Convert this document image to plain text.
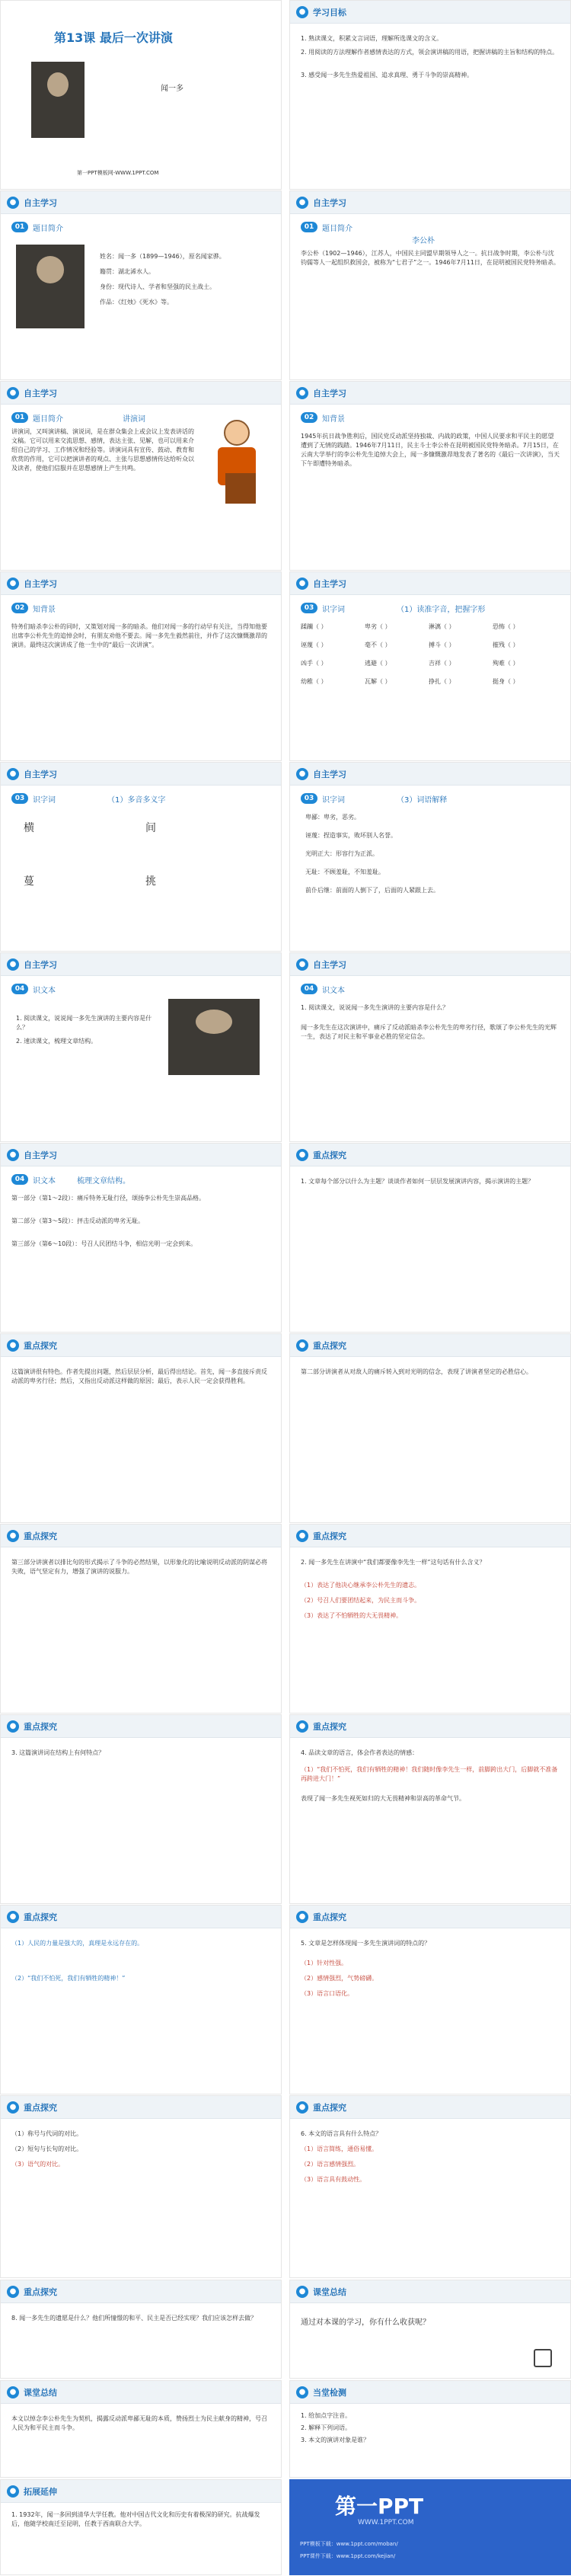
第13课 最后一次讲演
闻一多
第一PPT模板网-WWW.1PPT.COM
● 学习目标
1. 熟读课文，积累文言词语，理解所选课文的含义。
2. 用阅读的方法理解作者感情表达的方式，领会演讲稿的用语，把握讲稿的主旨和结构的特点。
3. 感受闻一多先生热爱祖国、追求真理、勇于斗争的崇高精神。
● 自主学习
01	题目简介
姓名：闻一多（1899—1946），原名闻家骅。
籍贯：湖北浠水人。
身份：现代诗人、学者和坚强的民主战士。
作品：《红烛》《死水》等。
● 自主学习
01	题目简介
李公朴
李公朴（1902—1946），江苏人，中国民主同盟早期领导人之一。抗日战争时期，李公朴与沈钧儒等人一起组织救国会，被称为“七君子”之一。1946年7月11日，在昆明被国民党特务暗杀。
● 自主学习
01	题目简介	讲演词
讲演词，又叫演讲稿、演说词，是在群众集会上或会议上发表讲话的文稿。它可以用来交流思想、感情，表达主张、见解，也可以用来介绍自己的学习、工作情况和经验等。讲演词具有宣传、鼓动、教育和欣赏的作用，它可以把演讲者的观点、主张与思想感情传达给听众以及读者，使他们信服并在思想感情上产生共鸣。
● 自主学习
02	知背景
1945年抗日战争胜利后，国民党反动派坚持独裁、内战的政策，中国人民要求和平民主的愿望遭到了无情的践踏。1946年7月11日，民主斗士李公朴在昆明被国民党特务暗杀。7月15日，在云南大学举行的李公朴先生追悼大会上，闻一多慷慨激昂地发表了著名的《最后一次讲演》，当天下午即遭特务暗杀。
● 自主学习
02	知背景
特务们暗杀李公朴的同时，又策划对闻一多的暗杀。他们对闻一多的行动早有关注，当得知他要出席李公朴先生的追悼会时，有朋友劝他不要去。闻一多先生毅然前往，并作了这次慷慨激昂的演讲。最终这次演讲成了他一生中的“最后一次讲演”。
● 自主学习
03	识字词	（1）读准字音，把握字形
蹂躏（ ）	卑劣（ ）	淋漓（ ）	恐怖（ ）
诬蔑（ ）	毫不（ ）	搏斗（ ）	摧残（ ）
凶手（ ）	逃避（ ）	吉祥（ ）	殉难（ ）
幼稚（ ）	瓦解（ ）	挣扎（ ）	挺身（ ）
● 自主学习
03	识字词	（1）多音多义字
横	间
蔓	挑
● 自主学习
03	识字词	（3）词语解释
卑鄙：卑劣，恶劣。
诬蔑：捏造事实，败坏别人名誉。
光明正大：形容行为正派。
无耻：不顾羞耻，不知羞耻。
前仆后继：前面的人倒下了，后面的人紧跟上去。
● 自主学习
04	识文本
1. 阅读课文，说说闻一多先生演讲的主要内容是什么？
2. 速读课文，梳理文章结构。
● 自主学习
04	识文本
1. 阅读课文，说说闻一多先生演讲的主要内容是什么？
闻一多先生在这次演讲中，痛斥了反动派暗杀李公朴先生的卑劣行径，歌颂了李公朴先生的光辉一生，表达了对民主和平事业必胜的坚定信念。
● 自主学习
04	识文本	梳理文章结构。
第一部分（第1～2段）：痛斥特务无耻行径，颂扬李公朴先生崇高品格。
第二部分（第3～5段）：抨击反动派的卑劣无耻。
第三部分（第6～10段）：号召人民团结斗争，相信光明一定会到来。
● 重点探究
1. 文章每个部分以什么为主题？谈谈作者如何一层层发展演讲内容，揭示演讲的主题？
● 重点探究
这篇演讲很有特色。作者先提出问题，然后层层分析，最后得出结论。首先，闻一多直接斥责反动派的卑劣行径；然后，又指出反动派这样做的原因；最后，表示人民一定会获得胜利。
● 重点探究
第二部分讲演者从对敌人的痛斥转入到对光明的信念，表现了讲演者坚定的必胜信心。
● 重点探究
第三部分讲演者以排比句的形式揭示了斗争的必然结果，以形象化的比喻说明反动派的阴谋必将失败，语气坚定有力，增强了演讲的说服力。
● 重点探究
2. 闻一多先生在讲演中“我们都要像李先生一样”这句话有什么含义？
（1）表达了他决心继承李公朴先生的遗志。
（2）号召人们要团结起来，为民主而斗争。
（3）表达了不怕牺牲的大无畏精神。
● 重点探究
3. 这篇演讲词在结构上有何特点？
● 重点探究
4. 品读文章的语言，体会作者表达的情感：
（1）“我们不怕死，我们有牺牲的精神！我们随时像李先生一样，前脚跨出大门，后脚就不准备再跨进大门！”
表现了闻一多先生视死如归的大无畏精神和崇高的革命气节。
● 重点探究
（1）人民的力量是强大的，真理是永远存在的。
（2）“我们不怕死，我们有牺牲的精神！”
● 重点探究
5. 文章是怎样体现闻一多先生演讲词的特点的？
（1）针对性强。
（2）感情强烈，气势磅礴。
（3）语言口语化。
● 重点探究
（1）称号与代词的对比。
（2）短句与长句的对比。
（3）语气的对比。
● 重点探究
6. 本文的语言具有什么特点？
（1）语言简练，通俗易懂。
（2）语言感情强烈。
（3）语言具有鼓动性。
● 重点探究
8. 闻一多先生的遗愿是什么？他们所憧憬的和平、民主是否已经实现？我们应该怎样去做？
● 课堂总结
通过对本课的学习，你有什么收获呢？
● 课堂总结
本文以悼念李公朴先生为契机，揭露反动派卑鄙无耻的本质，赞扬烈士为民主献身的精神，号召人民为和平民主而斗争。
● 当堂检测
1. 给加点字注音。
2. 解释下列词语。
3. 本文的演讲对象是谁？
● 拓展延伸
1. 1932年，闻一多回到清华大学任教。他对中国古代文化和历史有着极深的研究。抗战爆发后，他随学校南迁至昆明，任教于西南联合大学。
第一PPT
WWW.1PPT.COM
PPT模板下载：www.1ppt.com/moban/
PPT课件下载：www.1ppt.com/kejian/
